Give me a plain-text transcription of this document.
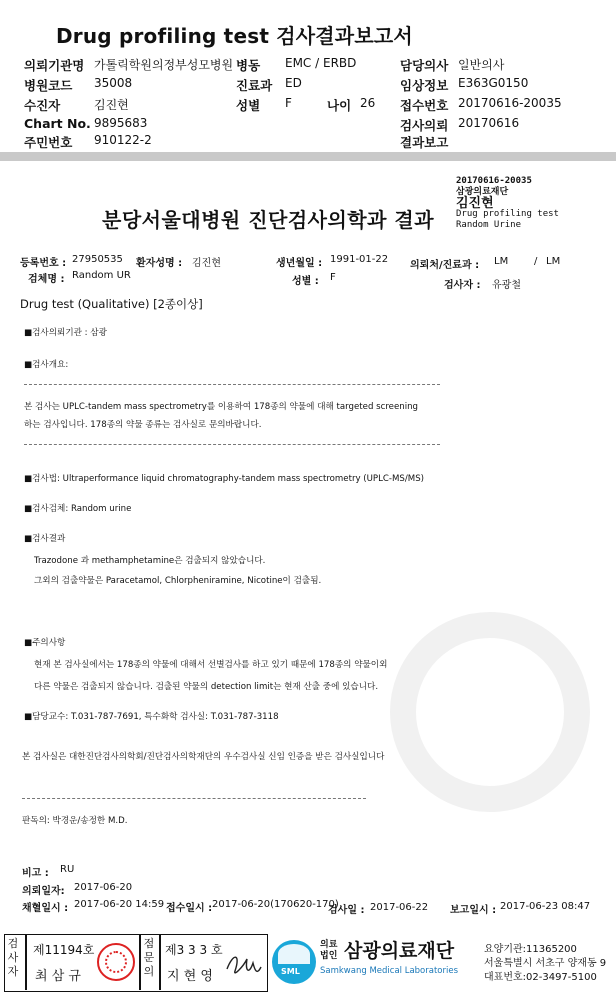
Drug profiling test 검사결과보고서
의뢰기관명 가톨릭학원의정부성모병원 병동 EMC / ERBD	담당의사 일반의사
병원코드 35008	진료과 ED	임상정보 E363G0150
수진자	김진현	성별 F	나이 26 접수번호 20170616-20035
Chart No. 9895683	검사의뢰 20170616
주민번호 910122-2	결과보고
20170616-20035
삼광의료재단
김진현
Drug profiling test
Random Urine
분당서울대병원 진단검사의학과 결과
등록번호 : 27950535 환자성명 : 김진현	생년월일 : 1991-01-22
의뢰처/진료과 : LM	/ LM
검체명 : Random UR
성별 : F
검사자 : 유광철
Drug test (Qualitative) [2종이상]
■검사의뢰기관 : 삼광
■검사개요:
본 검사는 UPLC-tandem mass spectrometry를 이용하여 178종의 약물에 대해 targeted screening
하는 검사입니다. 178종의 약물 종류는 검사실로 문의바랍니다.
■검사법: Ultraperformance liquid chromatography-tandem mass spectrometry (UPLC-MS/MS)
■검사검체: Random urine
■검사결과
Trazodone 과 methamphetamine은 검출되지 않았습니다.
그외의 검출약물은 Paracetamol, Chlorpheniramine, Nicotine이 검출됨.
■주의사항
현재 본 검사실에서는 178종의 약물에 대해서 선별검사를 하고 있기 때문에 178종의 약물이외
다른 약물은 검출되지 않습니다. 검출된 약물의 detection limit는 현재 산출 중에 있습니다.
■담당교수: T.031-787-7691, 특수화학 검사실: T.031-787-3118
본 검사실은 대한진단검사의학회/진단검사의학재단의 우수검사실 신임 인증을 받은 검사실입니다
판독의: 박경운/송정한 M.D.
비고 : RU
의뢰일자: 2017-06-20
채혈일시 : 2017-06-20 14:59 접수일시 : 2017-06-20(170620-170)
검사일 : 2017-06-22 보고일시 : 2017-06-23 08:47
검
사
자
제11194호
최 삼 규
점
문
의
제3 3 3 호
지 현 영	SML
의료
법인 삼광의료재단
Samkwang Medical Laboratories
요양기관:11365200
서울특별시 서초구 양재동 9
대표번호:02-3497-5100
